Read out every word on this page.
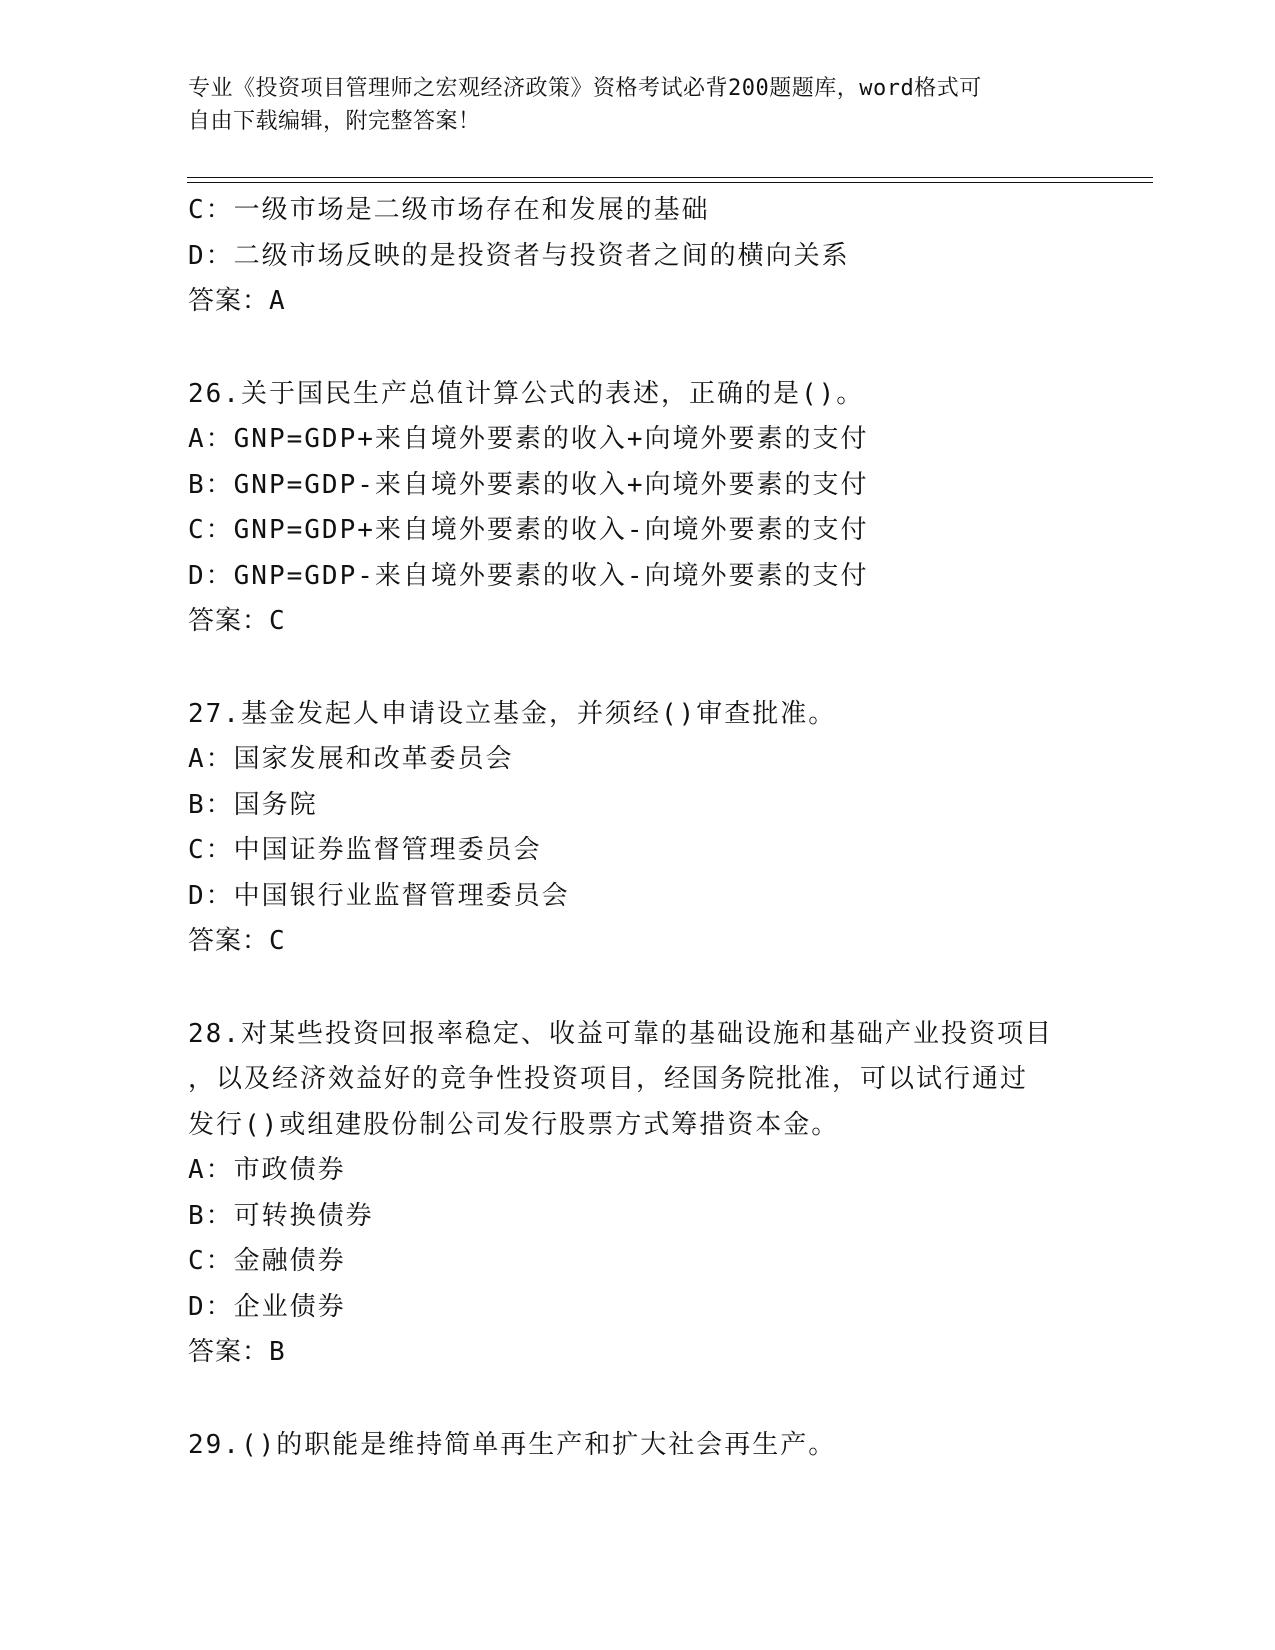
专业《投资项目管理师之宏观经济政策》资格考试必背200题题库，word格式可
自由下载编辑，附完整答案！
C：一级市场是二级市场存在和发展的基础
D：二级市场反映的是投资者与投资者之间的横向关系
答案：A
26.关于国民生产总值计算公式的表述，正确的是()。
A：GNP=GDP+来自境外要素的收入+向境外要素的支付
B：GNP=GDP-来自境外要素的收入+向境外要素的支付
C：GNP=GDP+来自境外要素的收入-向境外要素的支付
D：GNP=GDP-来自境外要素的收入-向境外要素的支付
答案：C
27.基金发起人申请设立基金，并须经()审查批准。
A：国家发展和改革委员会
B：国务院
C：中国证券监督管理委员会
D：中国银行业监督管理委员会
答案：C
28.对某些投资回报率稳定、收益可靠的基础设施和基础产业投资项目
，以及经济效益好的竞争性投资项目，经国务院批准，可以试行通过
发行()或组建股份制公司发行股票方式筹措资本金。
A：市政债券
B：可转换债券
C：金融债券
D：企业债券
答案：B
29.()的职能是维持简单再生产和扩大社会再生产。
